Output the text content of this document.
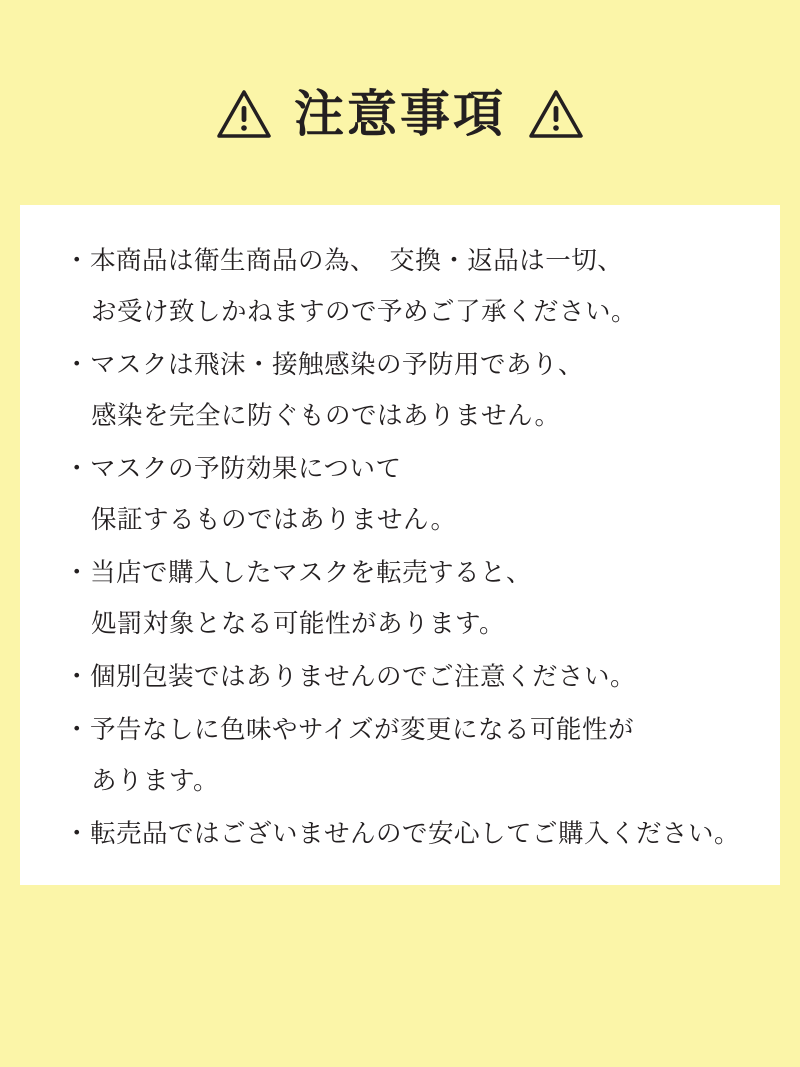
注意事項
・本商品は衛生商品の為、　交換・返品は一切、
お受け致しかねますので予めご了承ください。
・マスクは飛沫・接触感染の予防用であり、
感染を完全に防ぐものではありません。
・マスクの予防効果について
保証するものではありません。
・当店で購入したマスクを転売すると、
処罰対象となる可能性があります。
・個別包装ではありませんのでご注意ください。
・予告なしに色味やサイズが変更になる可能性が
あります。
・転売品ではございませんので安心してご購入ください。
